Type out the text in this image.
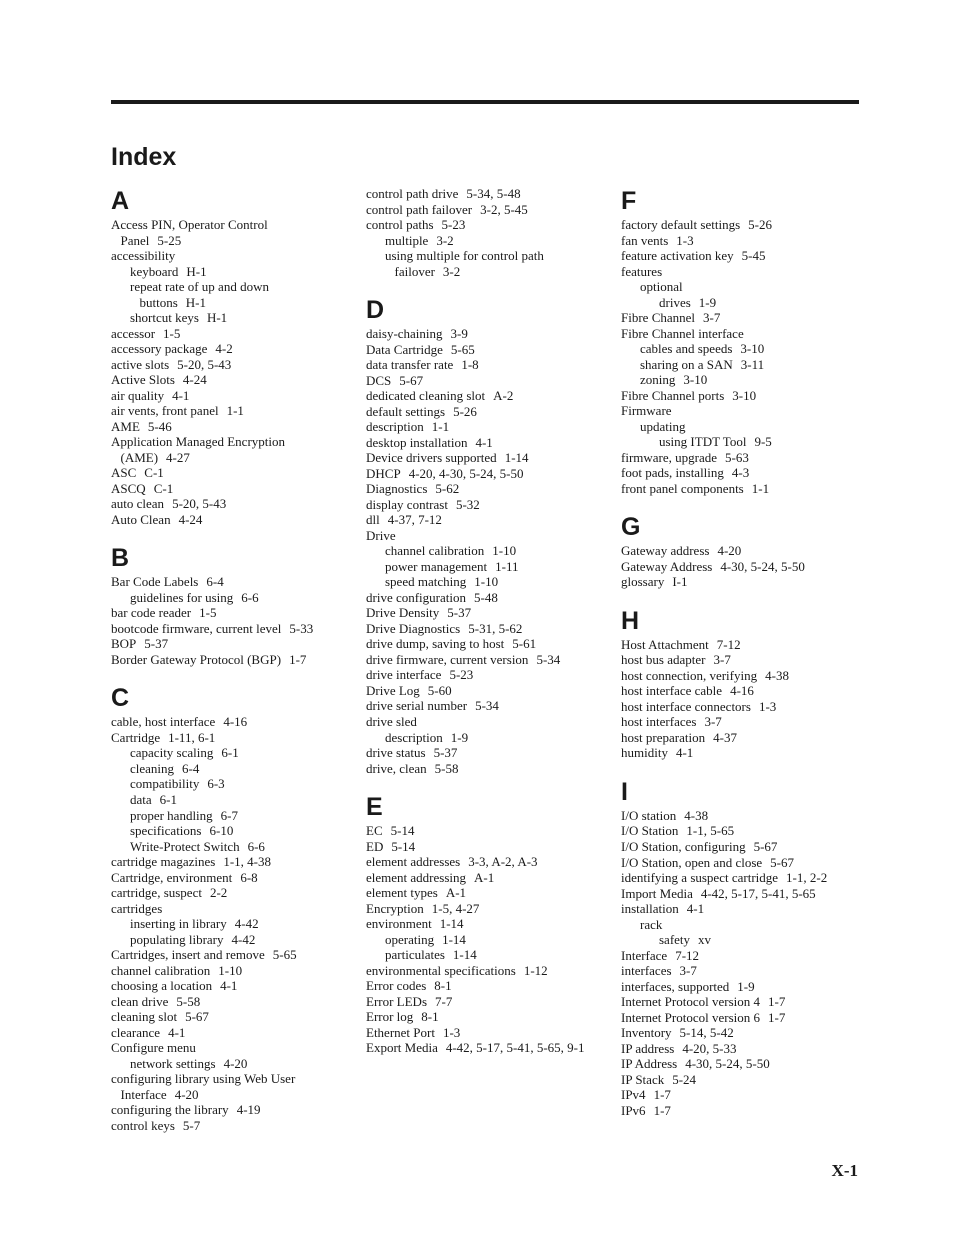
Index
A
Access PIN, Operator Control
Panel 5-25
accessibility
keyboard H-1
repeat rate of up and down
buttons H-1
shortcut keys H-1
accessor 1-5
accessory package 4-2
active slots 5-20, 5-43
Active Slots 4-24
air quality 4-1
air vents, front panel 1-1
AME 5-46
Application Managed Encryption
(AME) 4-27
ASC C-1
ASCQ C-1
auto clean 5-20, 5-43
Auto Clean 4-24
B
Bar Code Labels 6-4
guidelines for using 6-6
bar code reader 1-5
bootcode firmware, current level 5-33
BOP 5-37
Border Gateway Protocol (BGP) 1-7
C
cable, host interface 4-16
Cartridge 1-11, 6-1
capacity scaling 6-1
cleaning 6-4
compatibility 6-3
data 6-1
proper handling 6-7
specifications 6-10
Write-Protect Switch 6-6
cartridge magazines 1-1, 4-38
Cartridge, environment 6-8
cartridge, suspect 2-2
cartridges
inserting in library 4-42
populating library 4-42
Cartridges, insert and remove 5-65
channel calibration 1-10
choosing a location 4-1
clean drive 5-58
cleaning slot 5-67
clearance 4-1
Configure menu
network settings 4-20
configuring library using Web User
Interface 4-20
configuring the library 4-19
control keys 5-7
control path drive 5-34, 5-48
control path failover 3-2, 5-45
control paths 5-23
multiple 3-2
using multiple for control path
failover 3-2
D
daisy-chaining 3-9
Data Cartridge 5-65
data transfer rate 1-8
DCS 5-67
dedicated cleaning slot A-2
default settings 5-26
description 1-1
desktop installation 4-1
Device drivers supported 1-14
DHCP 4-20, 4-30, 5-24, 5-50
Diagnostics 5-62
display contrast 5-32
dll 4-37, 7-12
Drive
channel calibration 1-10
power management 1-11
speed matching 1-10
drive configuration 5-48
Drive Density 5-37
Drive Diagnostics 5-31, 5-62
drive dump, saving to host 5-61
drive firmware, current version 5-34
drive interface 5-23
Drive Log 5-60
drive serial number 5-34
drive sled
description 1-9
drive status 5-37
drive, clean 5-58
E
EC 5-14
ED 5-14
element addresses 3-3, A-2, A-3
element addressing A-1
element types A-1
Encryption 1-5, 4-27
environment 1-14
operating 1-14
particulates 1-14
environmental specifications 1-12
Error codes 8-1
Error LEDs 7-7
Error log 8-1
Ethernet Port 1-3
Export Media 4-42, 5-17, 5-41, 5-65, 9-1
F
factory default settings 5-26
fan vents 1-3
feature activation key 5-45
features
optional
drives 1-9
Fibre Channel 3-7
Fibre Channel interface
cables and speeds 3-10
sharing on a SAN 3-11
zoning 3-10
Fibre Channel ports 3-10
Firmware
updating
using ITDT Tool 9-5
firmware, upgrade 5-63
foot pads, installing 4-3
front panel components 1-1
G
Gateway address 4-20
Gateway Address 4-30, 5-24, 5-50
glossary I-1
H
Host Attachment 7-12
host bus adapter 3-7
host connection, verifying 4-38
host interface cable 4-16
host interface connectors 1-3
host interfaces 3-7
host preparation 4-37
humidity 4-1
I
I/O station 4-38
I/O Station 1-1, 5-65
I/O Station, configuring 5-67
I/O Station, open and close 5-67
identifying a suspect cartridge 1-1, 2-2
Import Media 4-42, 5-17, 5-41, 5-65
installation 4-1
rack
safety xv
Interface 7-12
interfaces 3-7
interfaces, supported 1-9
Internet Protocol version 4 1-7
Internet Protocol version 6 1-7
Inventory 5-14, 5-42
IP address 4-20, 5-33
IP Address 4-30, 5-24, 5-50
IP Stack 5-24
IPv4 1-7
IPv6 1-7
X-1
